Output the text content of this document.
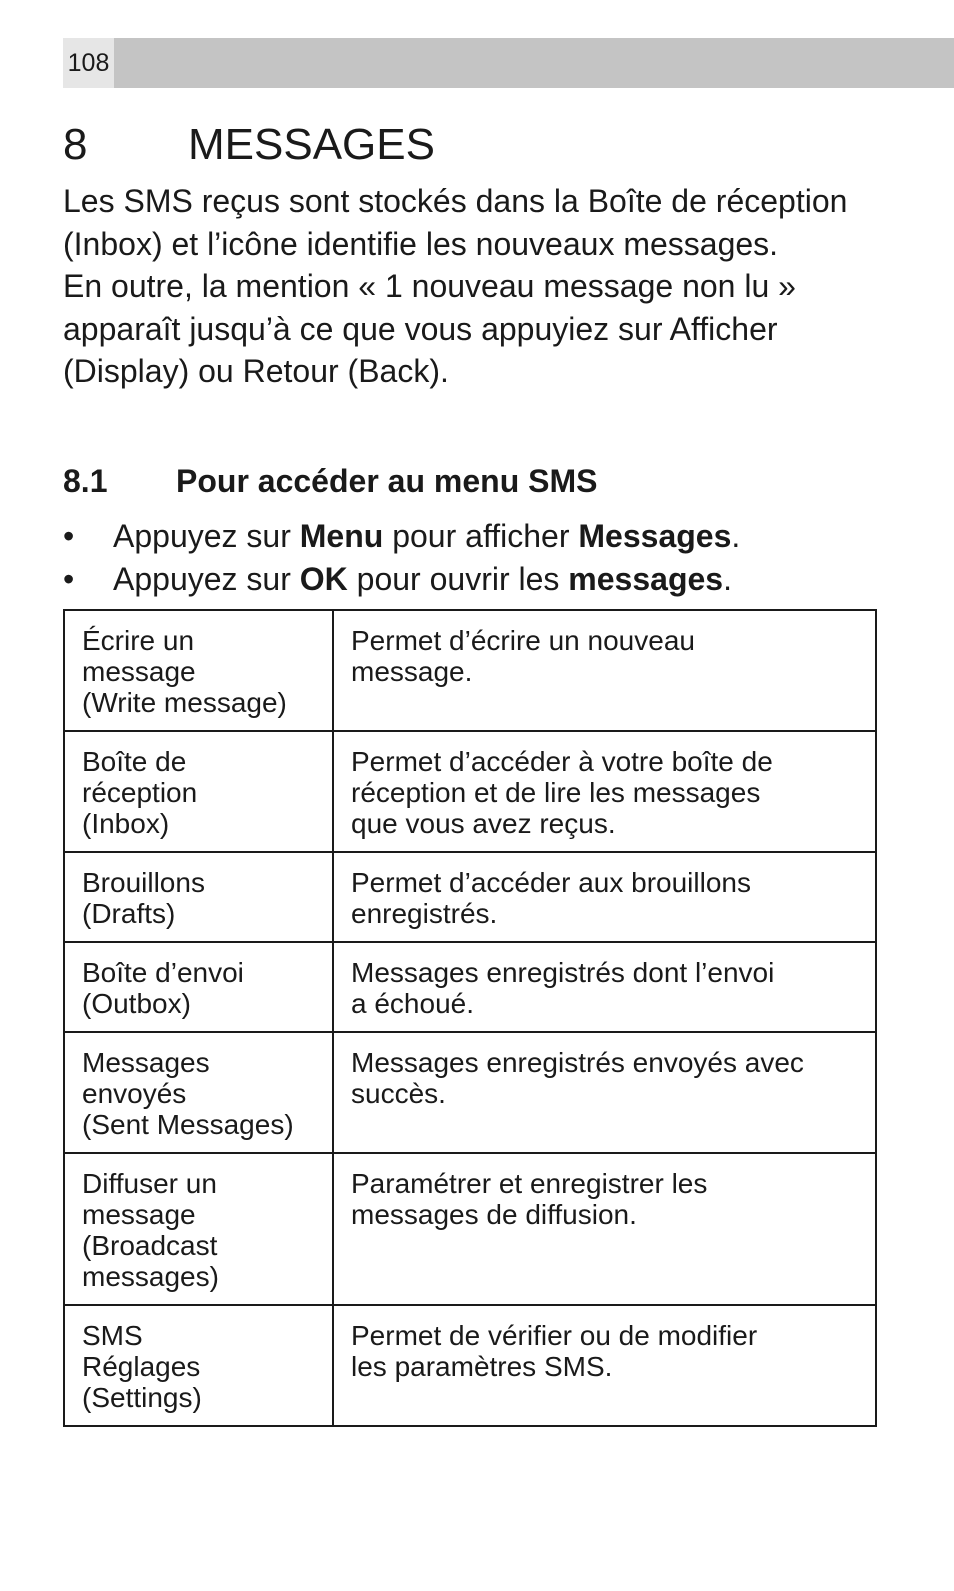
108
8 MESSAGES

Les SMS reçus sont stockés dans la Boîte de réception (Inbox) et l’icône identifie les nouveaux messages.

En outre, la mention « 1 nouveau message non lu » apparaît jusqu’à ce que vous appuyiez sur Afficher (Display) ou Retour (Back).

8.1 Pour accéder au menu SMS
• Appuyez sur Menu pour afficher Messages.
• Appuyez sur OK pour ouvrir les messages.
Écrire un
message
(Write message)	Permet d’écrire un nouveau
message.

Boîte de
réception
(Inbox)	Permet d’accéder à votre boîte de
réception et de lire les messages
que vous avez reçus.

Brouillons
(Drafts)	Permet d’accéder aux brouillons
enregistrés.

Boîte d’envoi
(Outbox)	Messages enregistrés dont l’envoi
a échoué.

Messages
envoyés
(Sent Messages)	Messages enregistrés envoyés avec
succès.

Diffuser un
message
(Broadcast
messages)	Paramétrer et enregistrer les
messages de diffusion.

SMS
Réglages
(Settings)	Permet de vérifier ou de modifier
les paramètres SMS.
